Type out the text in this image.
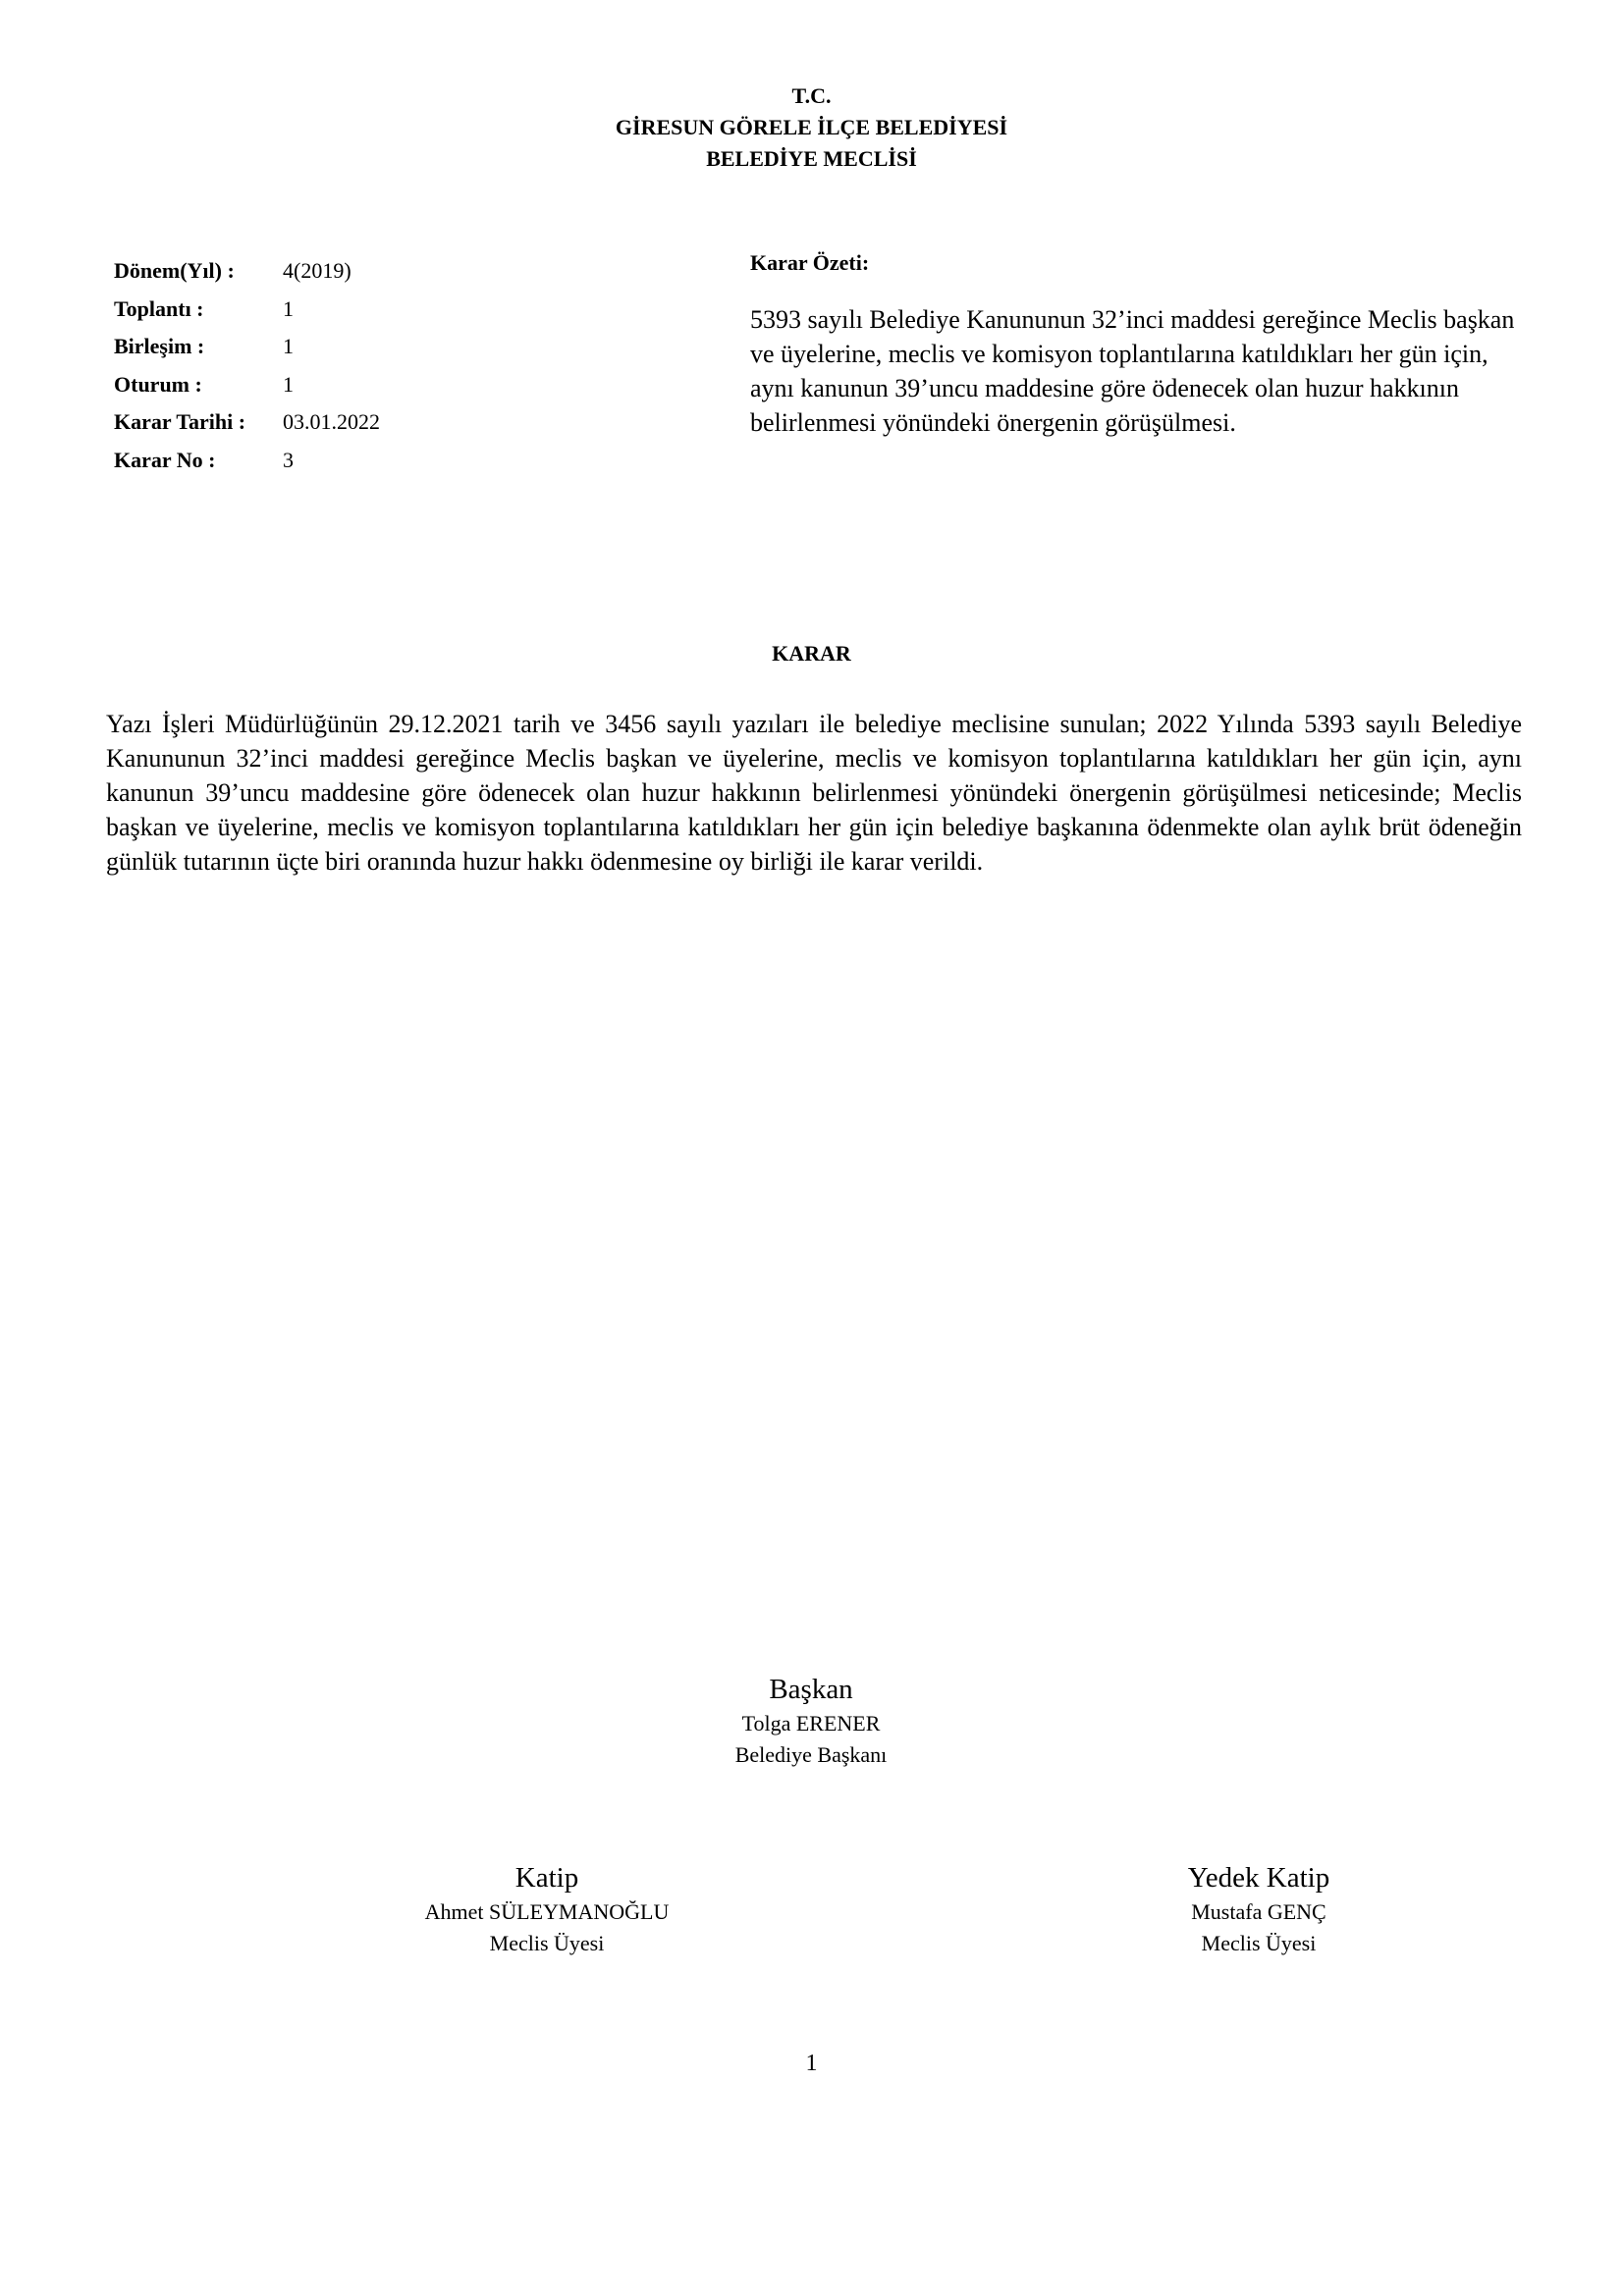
T.C.
GİRESUN GÖRELE İLÇE BELEDİYESİ
BELEDİYE MECLİSİ
Dönem(Yıl) :	4(2019)
Toplantı :	1
Birleşim :	1
Oturum :	1
Karar Tarihi :	03.01.2022
Karar No :	3
Karar Özeti:
5393 sayılı Belediye Kanununun 32’inci maddesi gereğince Meclis başkan ve üyelerine, meclis ve komisyon toplantılarına katıldıkları her gün için, aynı kanunun 39’uncu maddesine göre ödenecek olan huzur hakkının belirlenmesi yönündeki önergenin görüşülmesi.
KARAR
Yazı İşleri Müdürlüğünün 29.12.2021 tarih ve 3456 sayılı yazıları ile belediye meclisine sunulan; 2022 Yılında 5393 sayılı Belediye Kanununun 32’inci maddesi gereğince Meclis başkan ve üyelerine, meclis ve komisyon toplantılarına katıldıkları her gün için, aynı kanunun 39’uncu maddesine göre ödenecek olan huzur hakkının belirlenmesi yönündeki önergenin görüşülmesi neticesinde; Meclis başkan ve üyelerine, meclis ve komisyon toplantılarına katıldıkları her gün için belediye başkanına ödenmekte olan aylık brüt ödeneğin günlük tutarının üçte biri oranında huzur hakkı ödenmesine oy birliği ile karar verildi.
Başkan
Tolga ERENER
Belediye Başkanı
Katip
Ahmet SÜLEYMANOĞLU
Meclis Üyesi
Yedek Katip
Mustafa GENÇ
Meclis Üyesi
1
